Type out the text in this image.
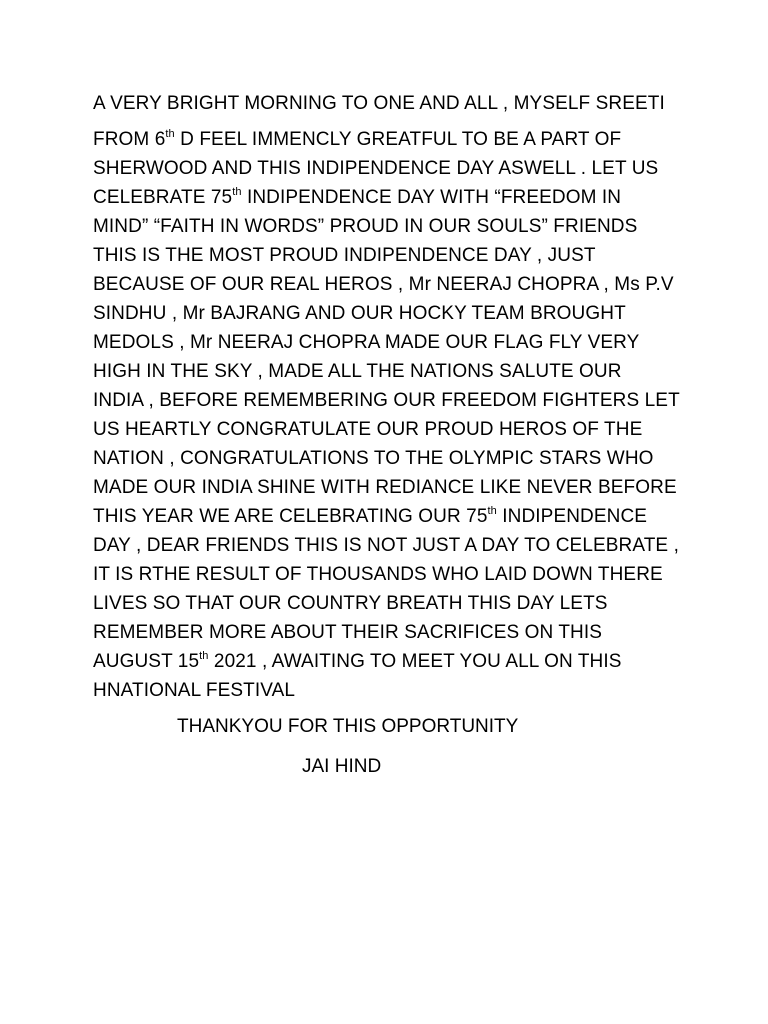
A VERY BRIGHT MORNING TO ONE AND ALL , MYSELF SREETI
FROM 6th D FEEL IMMENCLY GREATFUL TO BE A PART OF
SHERWOOD AND THIS INDIPENDENCE DAY ASWELL . LET US
CELEBRATE 75th INDIPENDENCE DAY WITH “FREEDOM IN
MIND” “FAITH IN WORDS” PROUD IN OUR SOULS” FRIENDS
THIS IS THE MOST PROUD INDIPENDENCE DAY , JUST
BECAUSE OF OUR REAL HEROS , Mr NEERAJ CHOPRA , Ms P.V
SINDHU , Mr BAJRANG AND OUR HOCKY TEAM BROUGHT
MEDOLS , Mr NEERAJ CHOPRA MADE OUR FLAG FLY VERY
HIGH IN THE SKY , MADE ALL THE NATIONS SALUTE OUR
INDIA , BEFORE REMEMBERING OUR FREEDOM FIGHTERS LET
US HEARTLY CONGRATULATE OUR PROUD HEROS OF THE
NATION , CONGRATULATIONS TO THE OLYMPIC STARS WHO
MADE OUR INDIA SHINE WITH REDIANCE LIKE NEVER BEFORE
THIS YEAR WE ARE CELEBRATING OUR 75th INDIPENDENCE
DAY , DEAR FRIENDS THIS IS NOT JUST A DAY TO CELEBRATE ,
IT IS RTHE RESULT OF THOUSANDS WHO LAID DOWN THERE
LIVES SO THAT OUR COUNTRY BREATH THIS DAY LETS
REMEMBER MORE ABOUT THEIR SACRIFICES ON THIS
AUGUST 15th 2021 , AWAITING TO MEET YOU ALL ON THIS
HNATIONAL FESTIVAL
THANKYOU FOR THIS OPPORTUNITY
JAI HIND
